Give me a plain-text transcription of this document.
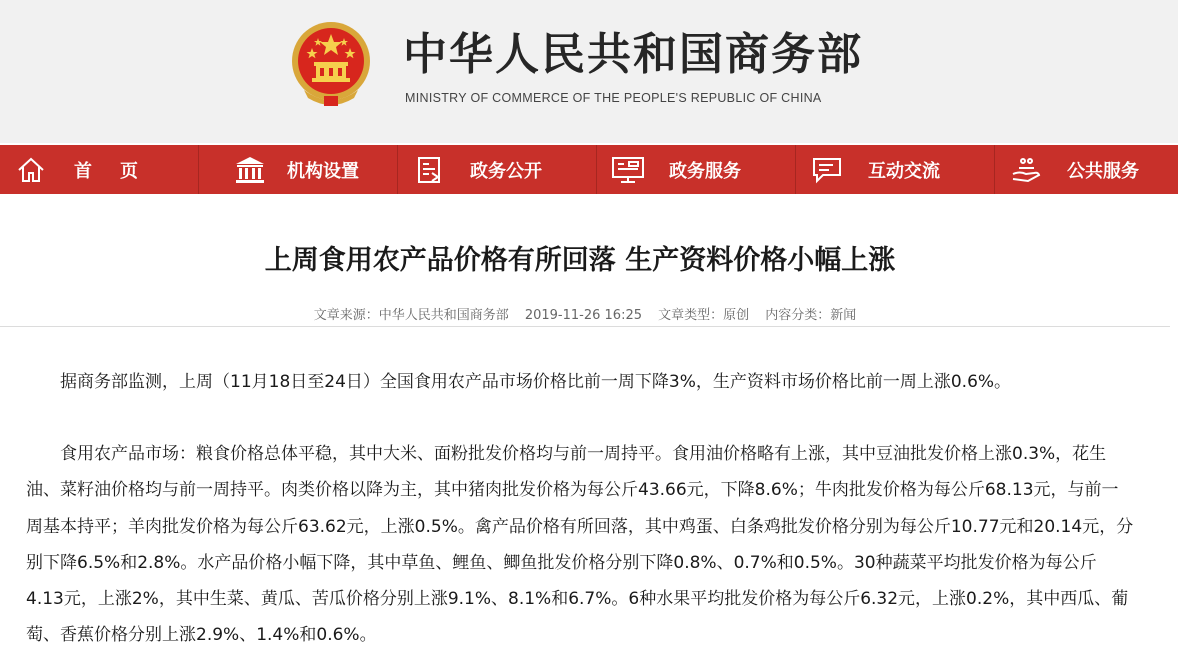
中华人民共和国商务部
MINISTRY OF COMMERCE OF THE PEOPLE'S REPUBLIC OF CHINA
首页	机构设置	政务公开	政务服务	互动交流	公共服务
上周食用农产品价格有所回落 生产资料价格小幅上涨
文章来源：中华人民共和国商务部 2019-11-26 16:25 文章类型：原创 内容分类：新闻

据商务部监测，上周（11月18日至24日）全国食用农产品市场价格比前一周下降3%，生产资料市场价格比前一周上涨0.6%。

食用农产品市场：粮食价格总体平稳，其中大米、面粉批发价格均与前一周持平。食用油价格略有上涨，其中豆油批发价格上涨0.3%，花生油、菜籽油价格均与前一周持平。肉类价格以降为主，其中猪肉批发价格为每公斤43.66元，下降8.6%；牛肉批发价格为每公斤68.13元，与前一周基本持平；羊肉批发价格为每公斤63.62元，上涨0.5%。禽产品价格有所回落，其中鸡蛋、白条鸡批发价格分别为每公斤10.77元和20.14元，分别下降6.5%和2.8%。水产品价格小幅下降，其中草鱼、鲤鱼、鲫鱼批发价格分别下降0.8%、0.7%和0.5%。30种蔬菜平均批发价格为每公斤4.13元，上涨2%，其中生菜、黄瓜、苦瓜价格分别上涨9.1%、8.1%和6.7%。6种水果平均批发价格为每公斤6.32元，上涨0.2%，其中西瓜、葡萄、香蕉价格分别上涨2.9%、1.4%和0.6%。
